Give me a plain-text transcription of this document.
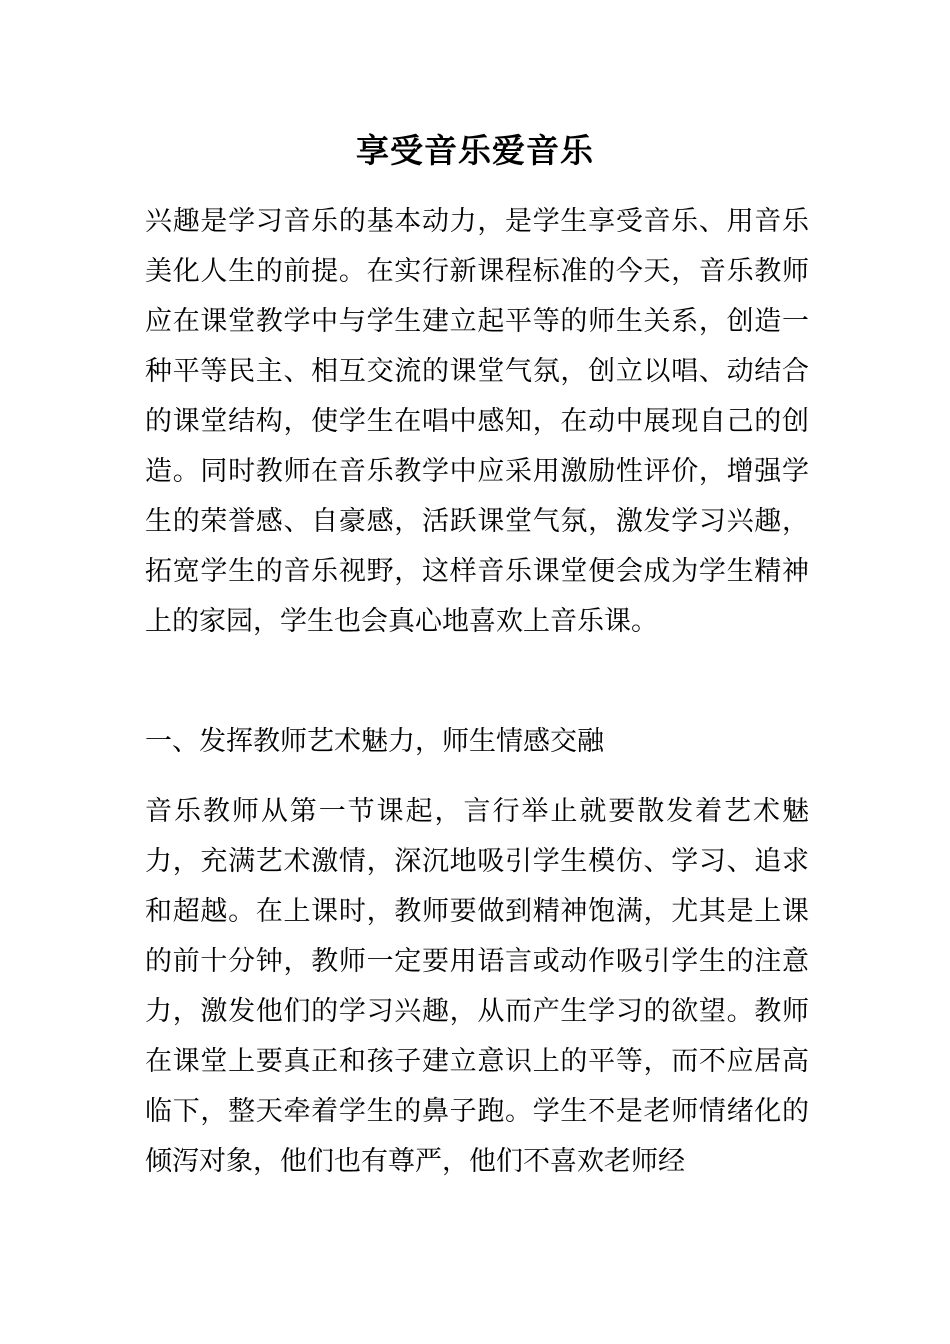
享受音乐爱音乐

兴趣是学习音乐的基本动力，是学生享受音乐、用音乐美化人生的前提。在实行新课程标准的今天，音乐教师应在课堂教学中与学生建立起平等的师生关系，创造一种平等民主、相互交流的课堂气氛，创立以唱、动结合的课堂结构，使学生在唱中感知，在动中展现自己的创造。同时教师在音乐教学中应采用激励性评价，增强学生的荣誉感、自豪感，活跃课堂气氛，激发学习兴趣，拓宽学生的音乐视野，这样音乐课堂便会成为学生精神上的家园，学生也会真心地喜欢上音乐课。

一、发挥教师艺术魅力，师生情感交融

音乐教师从第一节课起，言行举止就要散发着艺术魅力，充满艺术激情，深沉地吸引学生模仿、学习、追求和超越。在上课时，教师要做到精神饱满，尤其是上课的前十分钟，教师一定要用语言或动作吸引学生的注意力，激发他们的学习兴趣，从而产生学习的欲望。教师在课堂上要真正和孩子建立意识上的平等，而不应居高临下，整天牵着学生的鼻子跑。学生不是老师情绪化的倾泻对象，他们也有尊严，他们不喜欢老师经
